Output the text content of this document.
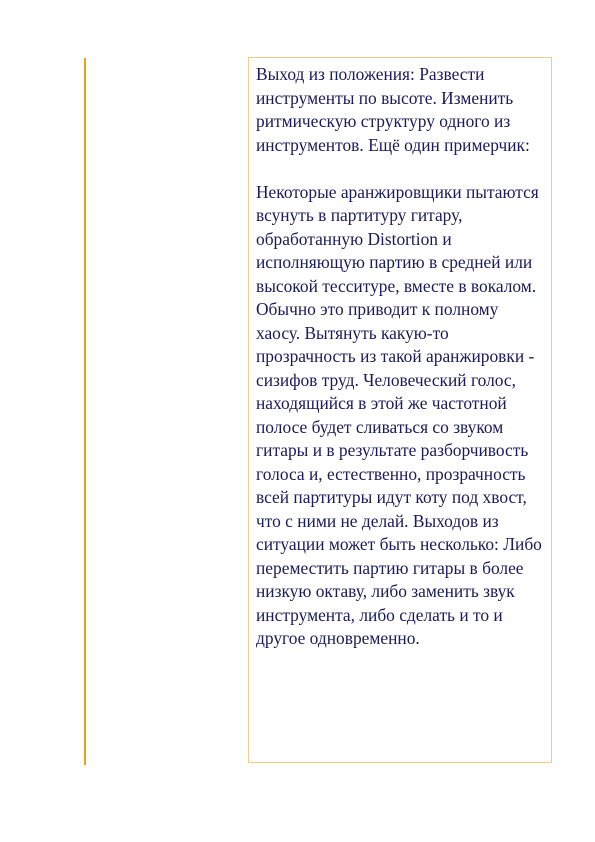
Выход из положения: Развести инструменты по высоте. Изменить ритмическую структуру одного из инструментов. Ещё один примерчик:

Некоторые аранжировщики пытаются всунуть в партитуру гитару, обработанную Distortion и исполняющую партию в средней или высокой тесситуре, вместе в вокалом. Обычно это приводит к полному хаосу. Вытянуть какую-то прозрачность из такой аранжировки - сизифов труд. Человеческий голос, находящийся в этой же частотной полосе будет сливаться со звуком гитары и в результате разборчивость голоса и, естественно, прозрачность всей партитуры идут коту под хвост, что с ними не делай. Выходов из ситуации может быть несколько: Либо переместить партию гитары в более низкую октаву, либо заменить звук инструмента, либо сделать и то и другое одновременно.
